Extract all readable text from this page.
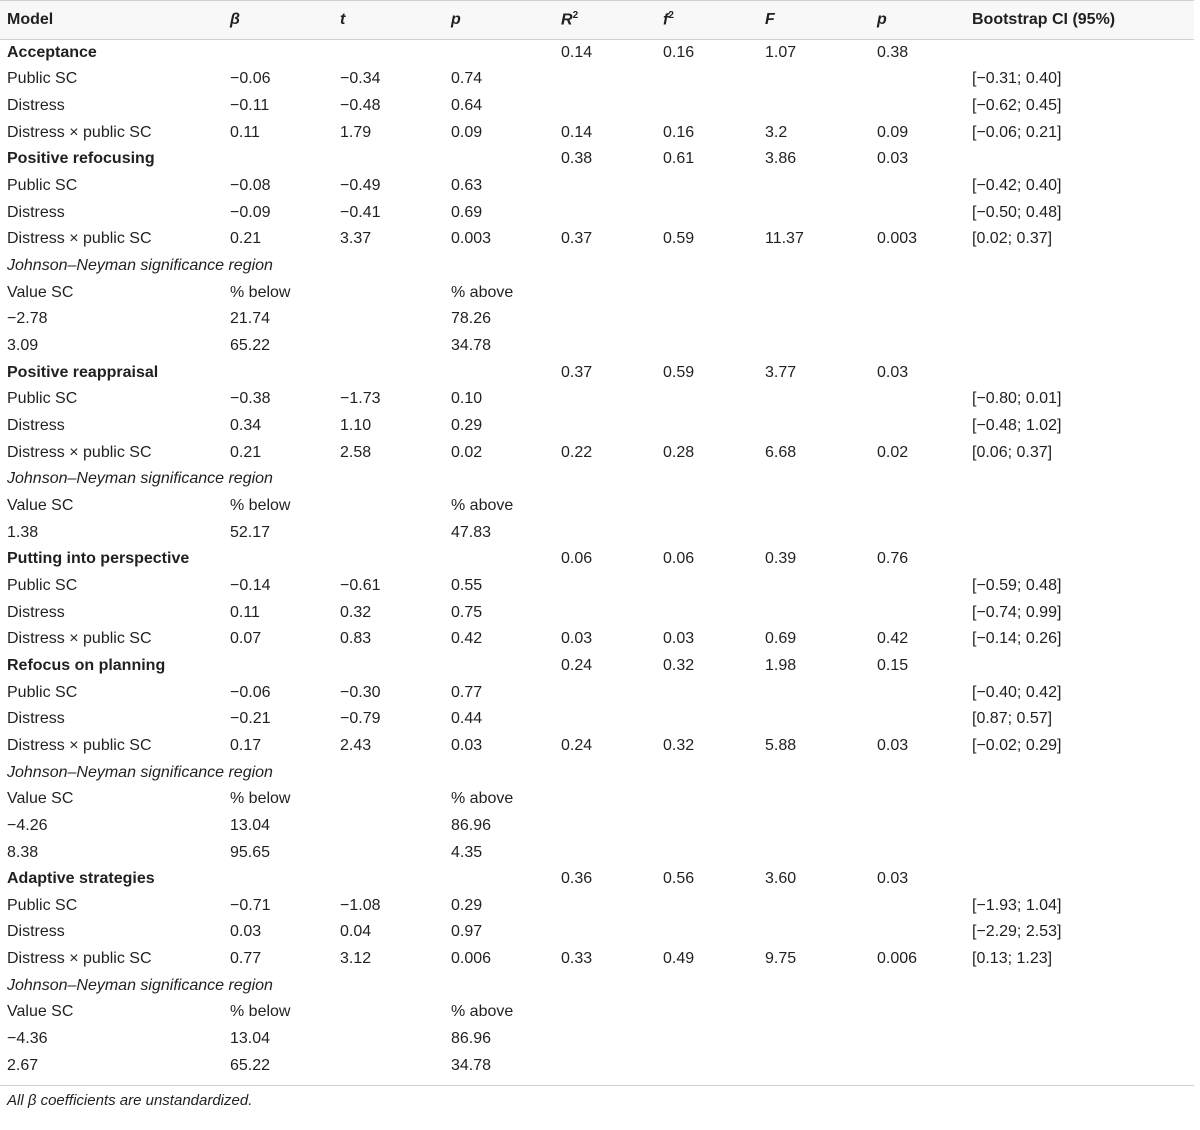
Model	β	t	p	$R^2$	$f^2$	F	p	Bootstrap CI (95%)
Acceptance				0.14	0.16	1.07	0.38	
Public SC	−0.06	−0.34	0.74					[−0.31; 0.40]
Distress	−0.11	−0.48	0.64					[−0.62; 0.45]
Distress × public SC	0.11	1.79	0.09	0.14	0.16	3.2	0.09	[−0.06; 0.21]
Positive refocusing				0.38	0.61	3.86	0.03	
Public SC	−0.08	−0.49	0.63					[−0.42; 0.40]
Distress	−0.09	−0.41	0.69					[−0.50; 0.48]
Distress × public SC	0.21	3.37	0.003	0.37	0.59	11.37	0.003	[0.02; 0.37]
Johnson–Neyman significance region								
Value SC	% below		% above					
−2.78	21.74		78.26					
3.09	65.22		34.78					
Positive reappraisal				0.37	0.59	3.77	0.03	
Public SC	−0.38	−1.73	0.10					[−0.80; 0.01]
Distress	0.34	1.10	0.29					[−0.48; 1.02]
Distress × public SC	0.21	2.58	0.02	0.22	0.28	6.68	0.02	[0.06; 0.37]
Johnson–Neyman significance region								
Value SC	% below		% above					
1.38	52.17		47.83					
Putting into perspective				0.06	0.06	0.39	0.76	
Public SC	−0.14	−0.61	0.55					[−0.59; 0.48]
Distress	0.11	0.32	0.75					[−0.74; 0.99]
Distress × public SC	0.07	0.83	0.42	0.03	0.03	0.69	0.42	[−0.14; 0.26]
Refocus on planning				0.24	0.32	1.98	0.15	
Public SC	−0.06	−0.30	0.77					[−0.40; 0.42]
Distress	−0.21	−0.79	0.44					[0.87; 0.57]
Distress × public SC	0.17	2.43	0.03	0.24	0.32	5.88	0.03	[−0.02; 0.29]
Johnson–Neyman significance region								
Value SC	% below		% above					
−4.26	13.04		86.96					
8.38	95.65		4.35					
Adaptive strategies				0.36	0.56	3.60	0.03	
Public SC	−0.71	−1.08	0.29					[−1.93; 1.04]
Distress	0.03	0.04	0.97					[−2.29; 2.53]
Distress × public SC	0.77	3.12	0.006	0.33	0.49	9.75	0.006	[0.13; 1.23]
Johnson–Neyman significance region								
Value SC	% below		% above					
−4.36	13.04		86.96					
2.67	65.22		34.78					
All β coefficients are unstandardized.
